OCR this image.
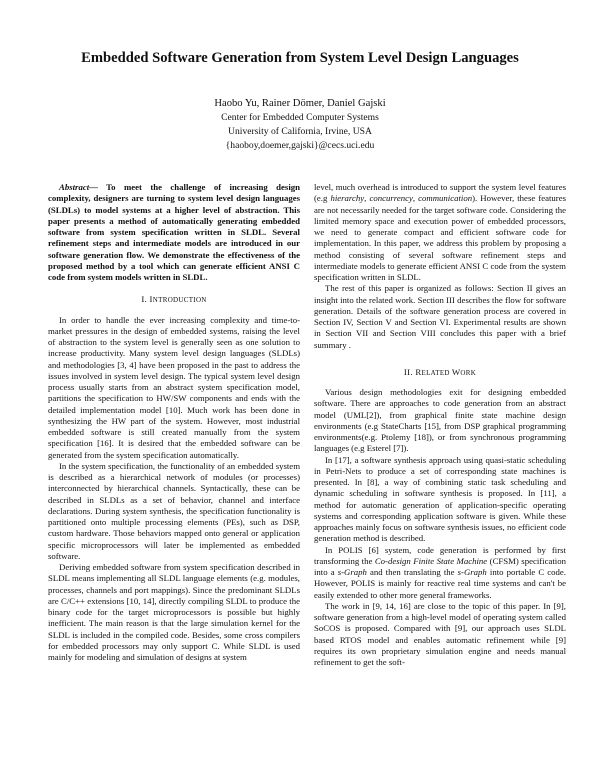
Embedded Software Generation from System Level Design Languages
Haobo Yu, Rainer Dömer, Daniel Gajski
Center for Embedded Computer Systems
University of California, Irvine, USA
{haoboy,doemer,gajski}@cecs.uci.edu

Abstract— To meet the challenge of increasing design complexity, designers are turning to system level design languages (SLDLs) to model systems at a higher level of abstraction. This paper presents a method of automatically generating embedded software from system specification written in SLDL. Several refinement steps and intermediate models are introduced in our software generation flow. We demonstrate the effectiveness of the proposed method by a tool which can generate efficient ANSI C code from system models written in SLDL.

I. INTRODUCTION

In order to handle the ever increasing complexity and time-to-market pressures in the design of embedded systems, raising the level of abstraction to the system level is generally seen as one solution to increase productivity. Many system level design languages (SLDLs) and methodologies [3, 4] have been proposed in the past to address the issues involved in system level design. The typical system level design process usually starts from an abstract system specification model, partitions the specification to HW/SW components and ends with the detailed implementation model [10]. Much work has been done in synthesizing the HW part of the system. However, most industrial embedded software is still created manually from the system specification [16]. It is desired that the embedded software can be generated from the system specification automatically.

In the system specification, the functionality of an embedded system is described as a hierarchical network of modules (or processes) interconnected by hierarchical channels. Syntactically, these can be described in SLDLs as a set of behavior, channel and interface declarations. During system synthesis, the specification functionality is partitioned onto multiple processing elements (PEs), such as DSP, custom hardware. Those behaviors mapped onto general or application specific microprocessors will later be implemented as embedded software.

Deriving embedded software from system specification described in SLDL means implementing all SLDL language elements (e.g. modules, processes, channels and port mappings). Since the predominant SLDLs are C/C++ extensions [10, 14], directly compiling SLDL to produce the binary code for the target microprocessors is possible but highly inefficient. The main reason is that the large simulation kernel for the SLDL is included in the compiled code. Besides, some cross compilers for embedded processors may only support C. While SLDL is used mainly for modeling and simulation of designs at system

level, much overhead is introduced to support the system level features (e.g hierarchy, concurrency, communication). However, these features are not necessarily needed for the target software code. Considering the limited memory space and execution power of embedded processors, we need to generate compact and efficient software code for implementation. In this paper, we address this problem by proposing a method consisting of several software refinement steps and intermediate models to generate efficient ANSI C code from the system specification written in SLDL.

The rest of this paper is organized as follows: Section II gives an insight into the related work. Section III describes the flow for software generation. Details of the software generation process are covered in Section IV, Section V and Section VI. Experimental results are shown in Section VII and Section VIII concludes this paper with a brief summary .

II. RELATED WORK

Various design methodologies exit for designing embedded software. There are approaches to code generation from an abstract model (UML[2]), from graphical finite state machine design environments (e.g StateCharts [15], from DSP graphical programming environments(e.g. Ptolemy [18]), or from synchronous programming languages (e.g Esterel [7]).

In [17], a software synthesis approach using quasi-static scheduling in Petri-Nets to produce a set of corresponding state machines is presented. In [8], a way of combining static task scheduling and dynamic scheduling in software synthesis is proposed. In [11], a method for automatic generation of application-specific operating systems and corresponding application software is given. While these approaches mainly focus on software synthesis issues, no efficient code generation method is described.

In POLIS [6] system, code generation is performed by first transforming the Co-design Finite State Machine (CFSM) specification into a s-Graph and then translating the s-Graph into portable C code. However, POLIS is mainly for reactive real time systems and can't be easily extended to other more general frameworks.

The work in [9, 14, 16] are close to the topic of this paper. In [9], software generation from a high-level model of operating system called SoCOS is proposed. Compared with [9], our approach uses SLDL based RTOS model and enables automatic refinement while [9] requires its own proprietary simulation engine and needs manual refinement to get the soft-
